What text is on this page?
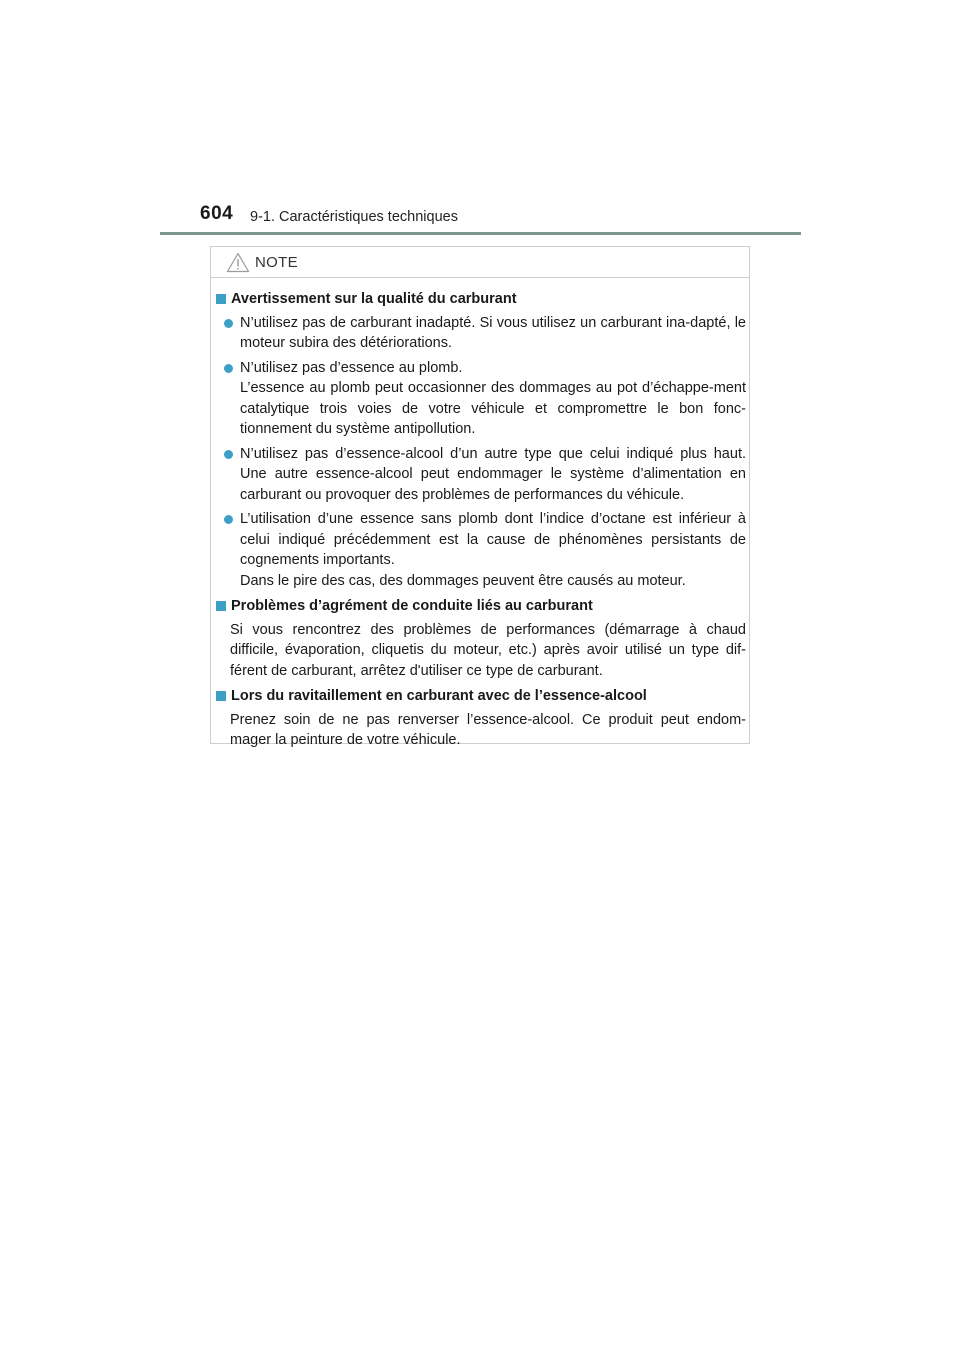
604 9-1. Caractéristiques techniques
NOTE
Avertissement sur la qualité du carburant

N’utilisez pas de carburant inadapté. Si vous utilisez un carburant ina-dapté, le moteur subira des détériorations.

N’utilisez pas d’essence au plomb.

L’essence au plomb peut occasionner des dommages au pot d’échappe-ment catalytique trois voies de votre véhicule et compromettre le bon fonc-tionnement du système antipollution.

N’utilisez pas d’essence-alcool d’un autre type que celui indiqué plus haut. Une autre essence-alcool peut endommager le système d’alimentation en carburant ou provoquer des problèmes de performances du véhicule.

L’utilisation d’une essence sans plomb dont l’indice d’octane est inférieur à celui indiqué précédemment est la cause de phénomènes persistants de cognements importants.

Dans le pire des cas, des dommages peuvent être causés au moteur.

Problèmes d’agrément de conduite liés au carburant

Si vous rencontrez des problèmes de performances (démarrage à chaud difficile, évaporation, cliquetis du moteur, etc.) après avoir utilisé un type dif-férent de carburant, arrêtez d'utiliser ce type de carburant.

Lors du ravitaillement en carburant avec de l’essence-alcool

Prenez soin de ne pas renverser l’essence-alcool. Ce produit peut endom-mager la peinture de votre véhicule.
